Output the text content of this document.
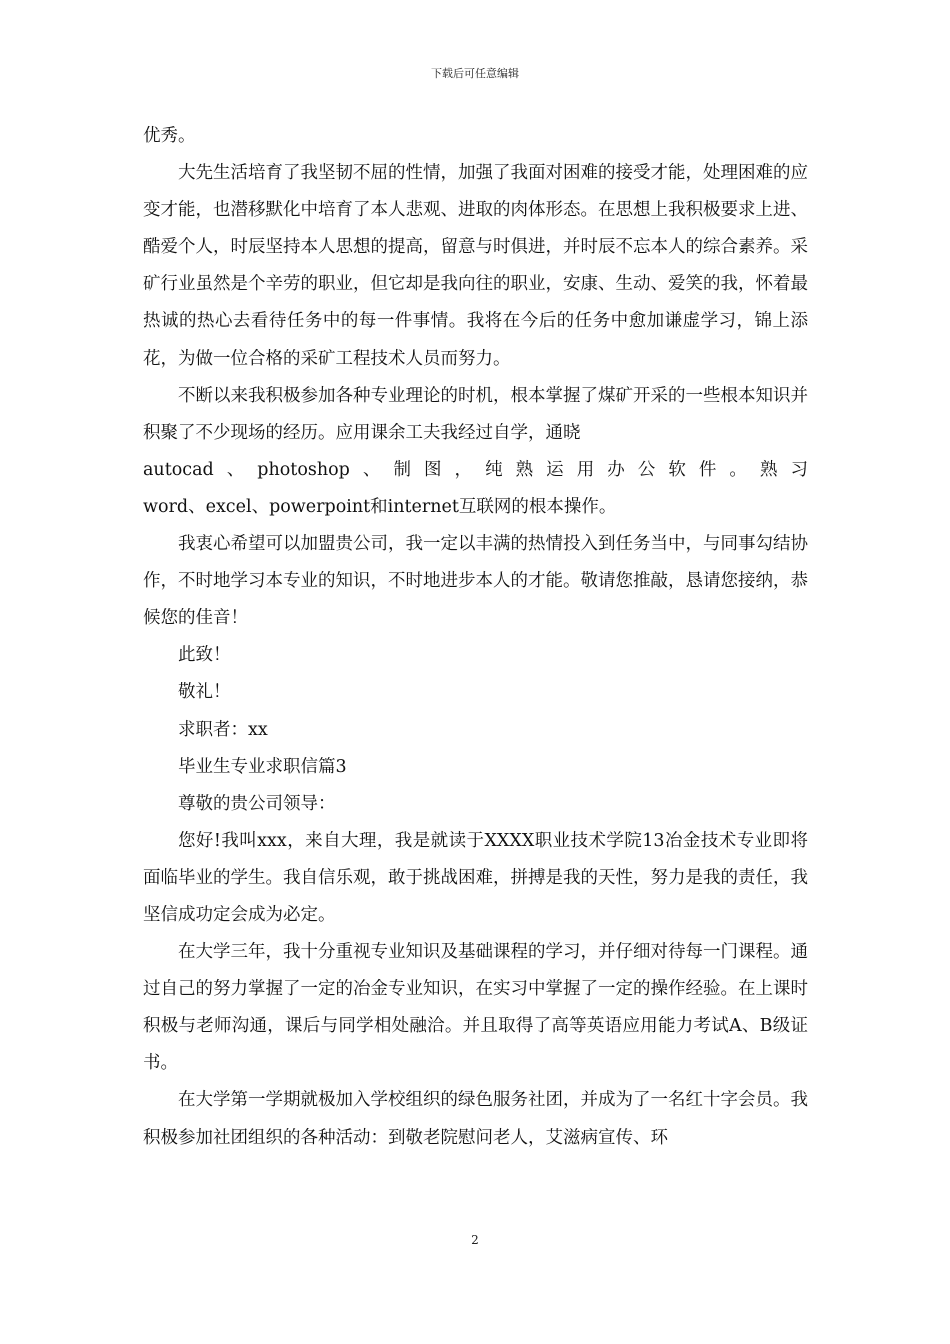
下载后可任意编辑

优秀。

大先生活培育了我坚韧不屈的性情，加强了我面对困难的接受才能，处理困难的应变才能，也潜移默化中培育了本人悲观、进取的肉体形态。在思想上我积极要求上进、酷爱个人，时辰坚持本人思想的提高，留意与时俱进，并时辰不忘本人的综合素养。采矿行业虽然是个辛劳的职业，但它却是我向往的职业，安康、生动、爱笑的我，怀着最热诚的热心去看待任务中的每一件事情。我将在今后的任务中愈加谦虚学习，锦上添花，为做一位合格的采矿工程技术人员而努力。

不断以来我积极参加各种专业理论的时机，根本掌握了煤矿开采的一些根本知识并积聚了不少现场的经历。应用课余工夫我经过自学，通晓

autocad、photoshop、制图，纯熟运用办公软件。熟习

word、excel、powerpoint和internet互联网的根本操作。

我衷心希望可以加盟贵公司，我一定以丰满的热情投入到任务当中，与同事勾结协作，不时地学习本专业的知识，不时地进步本人的才能。敬请您推敲，恳请您接纳，恭候您的佳音！

此致！

敬礼！

求职者：xx

毕业生专业求职信篇3

尊敬的贵公司领导：

您好!我叫xxx，来自大理，我是就读于XXXX职业技术学院13冶金技术专业即将面临毕业的学生。我自信乐观，敢于挑战困难，拼搏是我的天性，努力是我的责任，我坚信成功定会成为必定。

在大学三年，我十分重视专业知识及基础课程的学习，并仔细对待每一门课程。通过自己的努力掌握了一定的冶金专业知识，在实习中掌握了一定的操作经验。在上课时积极与老师沟通，课后与同学相处融洽。并且取得了高等英语应用能力考试A、B级证书。

在大学第一学期就极加入学校组织的绿色服务社团，并成为了一名红十字会员。我积极参加社团组织的各种活动：到敬老院慰问老人，艾滋病宣传、环

2
